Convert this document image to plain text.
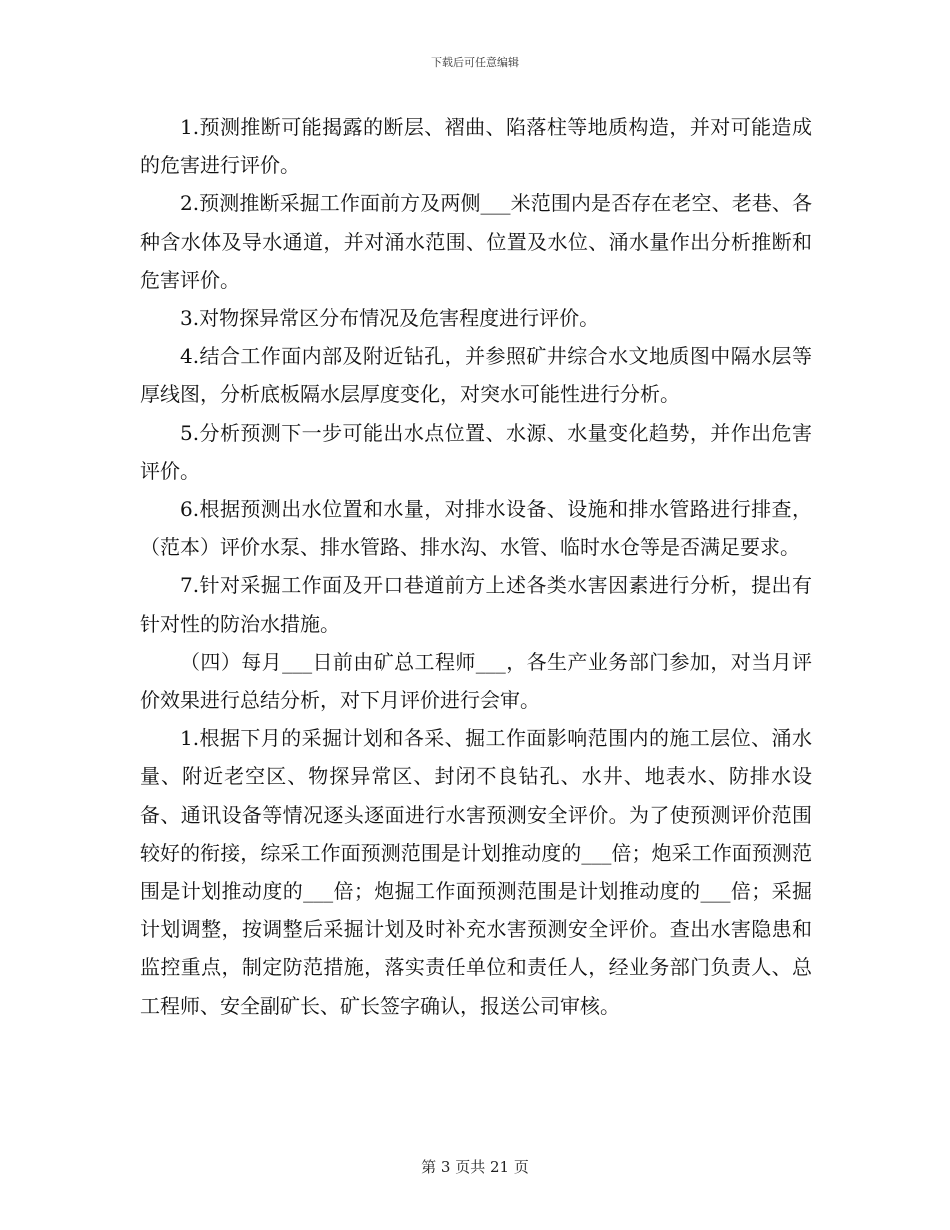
下载后可任意编辑

1.预测推断可能揭露的断层、褶曲、陷落柱等地质构造，并对可能造成的危害进行评价。

2.预测推断采掘工作面前方及两侧___米范围内是否存在老空、老巷、各种含水体及导水通道，并对涌水范围、位置及水位、涌水量作出分析推断和危害评价。

3.对物探异常区分布情况及危害程度进行评价。

4.结合工作面内部及附近钻孔，并参照矿井综合水文地质图中隔水层等厚线图，分析底板隔水层厚度变化，对突水可能性进行分析。

5.分析预测下一步可能出水点位置、水源、水量变化趋势，并作出危害评价。

6.根据预测出水位置和水量，对排水设备、设施和排水管路进行排查，（范本）评价水泵、排水管路、排水沟、水管、临时水仓等是否满足要求。

7.针对采掘工作面及开口巷道前方上述各类水害因素进行分析，提出有针对性的防治水措施。

（四）每月___日前由矿总工程师___，各生产业务部门参加，对当月评价效果进行总结分析，对下月评价进行会审。

1.根据下月的采掘计划和各采、掘工作面影响范围内的施工层位、涌水量、附近老空区、物探异常区、封闭不良钻孔、水井、地表水、防排水设备、通讯设备等情况逐头逐面进行水害预测安全评价。为了使预测评价范围较好的衔接，综采工作面预测范围是计划推动度的___倍；炮采工作面预测范围是计划推动度的___倍；炮掘工作面预测范围是计划推动度的___倍；采掘计划调整，按调整后采掘计划及时补充水害预测安全评价。查出水害隐患和监控重点，制定防范措施，落实责任单位和责任人，经业务部门负责人、总工程师、安全副矿长、矿长签字确认，报送公司审核。

第 3 页共 21 页
